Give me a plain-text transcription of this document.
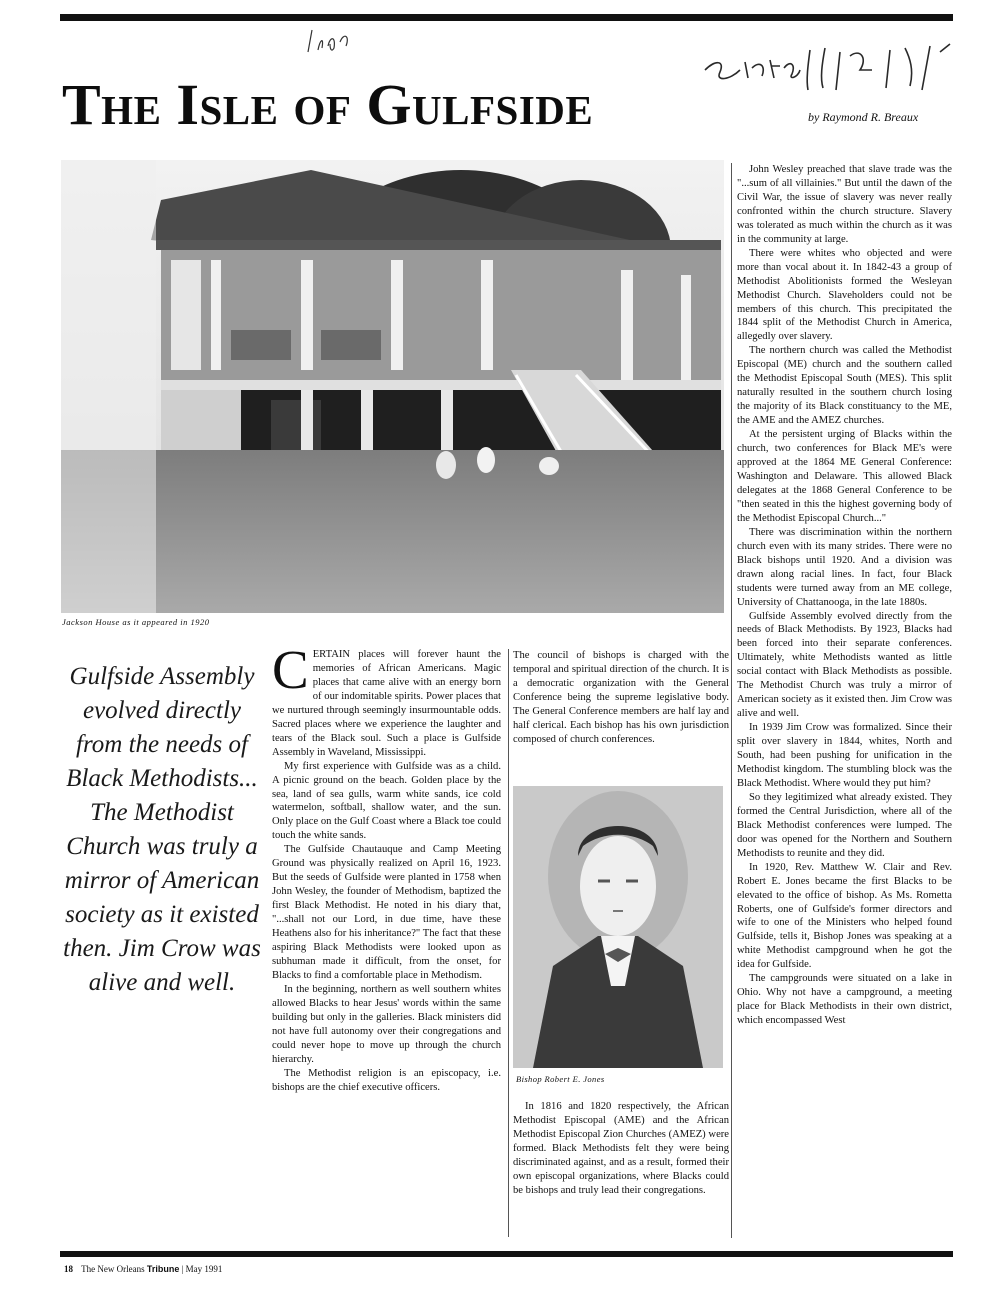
The Isle of Gulfside	by Raymond R. Breaux
Jackson House as it appeared in 1920
Gulfside Assembly evolved directly from the needs of Black Methodists... The Methodist Church was truly a mirror of American society as it existed then. Jim Crow was alive and well.

CERTAIN places will forever haunt the memories of African Americans. Magic places that came alive with an energy born of our indomitable spirits. Power places that we nurtured through seemingly insurmountable odds. Sacred places where we experience the laughter and tears of the Black soul. Such a place is Gulfside Assembly in Waveland, Mississippi.

My first experience with Gulfside was as a child. A picnic ground on the beach. Golden place by the sea, land of sea gulls, warm white sands, ice cold watermelon, softball, shallow water, and the sun. Only place on the Gulf Coast where a Black toe could touch the white sands.

The Gulfside Chautauque and Camp Meeting Ground was physically realized on April 16, 1923. But the seeds of Gulfside were planted in 1758 when John Wesley, the founder of Methodism, baptized the first Black Methodist. He noted in his diary that, "...shall not our Lord, in due time, have these Heathens also for his inheritance?" The fact that these aspiring Black Methodists were looked upon as subhuman made it difficult, from the onset, for Blacks to find a comfortable place in Methodism.

In the beginning, northern as well southern whites allowed Blacks to hear Jesus' words within the same building but only in the galleries. Black ministers did not have full autonomy over their congregations and could never hope to move up through the church hierarchy.

The Methodist religion is an episcopacy, i.e. bishops are the chief executive officers.

The council of bishops is charged with the temporal and spiritual direction of the church. It is a democratic organization with the General Conference being the supreme legislative body. The General Conference members are half lay and half clerical. Each bishop has his own jurisdiction composed of church conferences.

Bishop Robert E. Jones

In 1816 and 1820 respectively, the African Methodist Episcopal (AME) and the African Methodist Episcopal Zion Churches (AMEZ) were formed. Black Methodists felt they were being discriminated against, and as a result, formed their own episcopal organizations, where Blacks could be bishops and truly lead their congregations.

John Wesley preached that slave trade was the "...sum of all villainies." But until the dawn of the Civil War, the issue of slavery was never really confronted within the church structure. Slavery was tolerated as much within the church as it was in the community at large.

There were whites who objected and were more than vocal about it. In 1842-43 a group of Methodist Abolitionists formed the Wesleyan Methodist Church. Slaveholders could not be members of this church. This precipitated the 1844 split of the Methodist Church in America, allegedly over slavery.

The northern church was called the Methodist Episcopal (ME) church and the southern called the Methodist Episcopal South (MES). This split naturally resulted in the southern church losing the majority of its Black constituancy to the ME, the AME and the AMEZ churches.

At the persistent urging of Blacks within the church, two conferences for Black ME's were approved at the 1864 ME General Conference: Washington and Delaware. This allowed Black delegates at the 1868 General Conference to be "then seated in this the highest governing body of the Methodist Episcopal Church..."

There was discrimination within the northern church even with its many strides. There were no Black bishops until 1920. And a division was drawn along racial lines. In fact, four Black students were turned away from an ME college, University of Chattanooga, in the late 1880s.

Gulfside Assembly evolved directly from the needs of Black Methodists. By 1923, Blacks had been forced into their separate conferences. Ultimately, white Methodists wanted as little social contact with Black Methodists as possible. The Methodist Church was truly a mirror of American society as it existed then. Jim Crow was alive and well.

In 1939 Jim Crow was formalized. Since their split over slavery in 1844, whites, North and South, had been pushing for unification in the Methodist kingdom. The stumbling block was the Black Methodist. Where would they put him?

So they legitimized what already existed. They formed the Central Jurisdiction, where all of the Black Methodist conferences were lumped. The door was opened for the Northern and Southern Methodists to reunite and they did.

In 1920, Rev. Matthew W. Clair and Rev. Robert E. Jones became the first Blacks to be elevated to the office of bishop. As Ms. Rometta Roberts, one of Gulfside's former directors and wife to one of the Ministers who helped found Gulfside, tells it, Bishop Jones was speaking at a white Methodist campground when he got the idea for Gulfside.

The campgrounds were situated on a lake in Ohio. Why not have a campground, a meeting place for Black Methodists in their own district, which encompassed West

18 The New Orleans Tribune | May 1991
